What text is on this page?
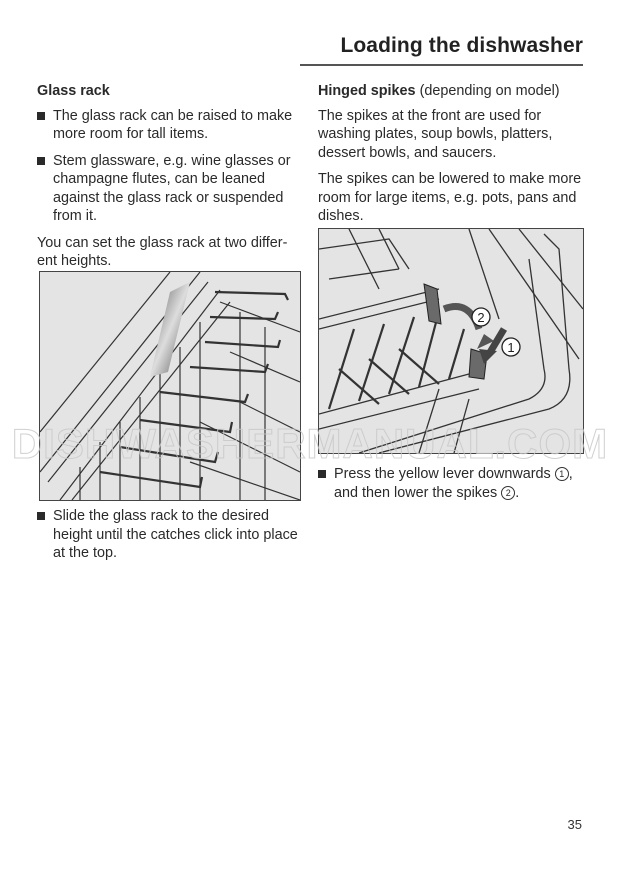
Loading the dishwasher
Glass rack
The glass rack can be raised to make more room for tall items.
Stem glassware, e.g. wine glasses or champagne flutes, can be leaned against the glass rack or suspended from it.
You can set the glass rack at two differ-
ent heights.
Slide the glass rack to the desired height until the catches click into place at the top.
Hinged spikes (depending on model)
The spikes at the front are used for washing plates, soup bowls, platters, dessert bowls, and saucers.
The spikes can be lowered to make more room for large items, e.g. pots, pans and dishes.
2
1
Press the yellow lever downwards 1 , and then lower the spikes 2 .
DISHWASHERMANUAL.COM
35
